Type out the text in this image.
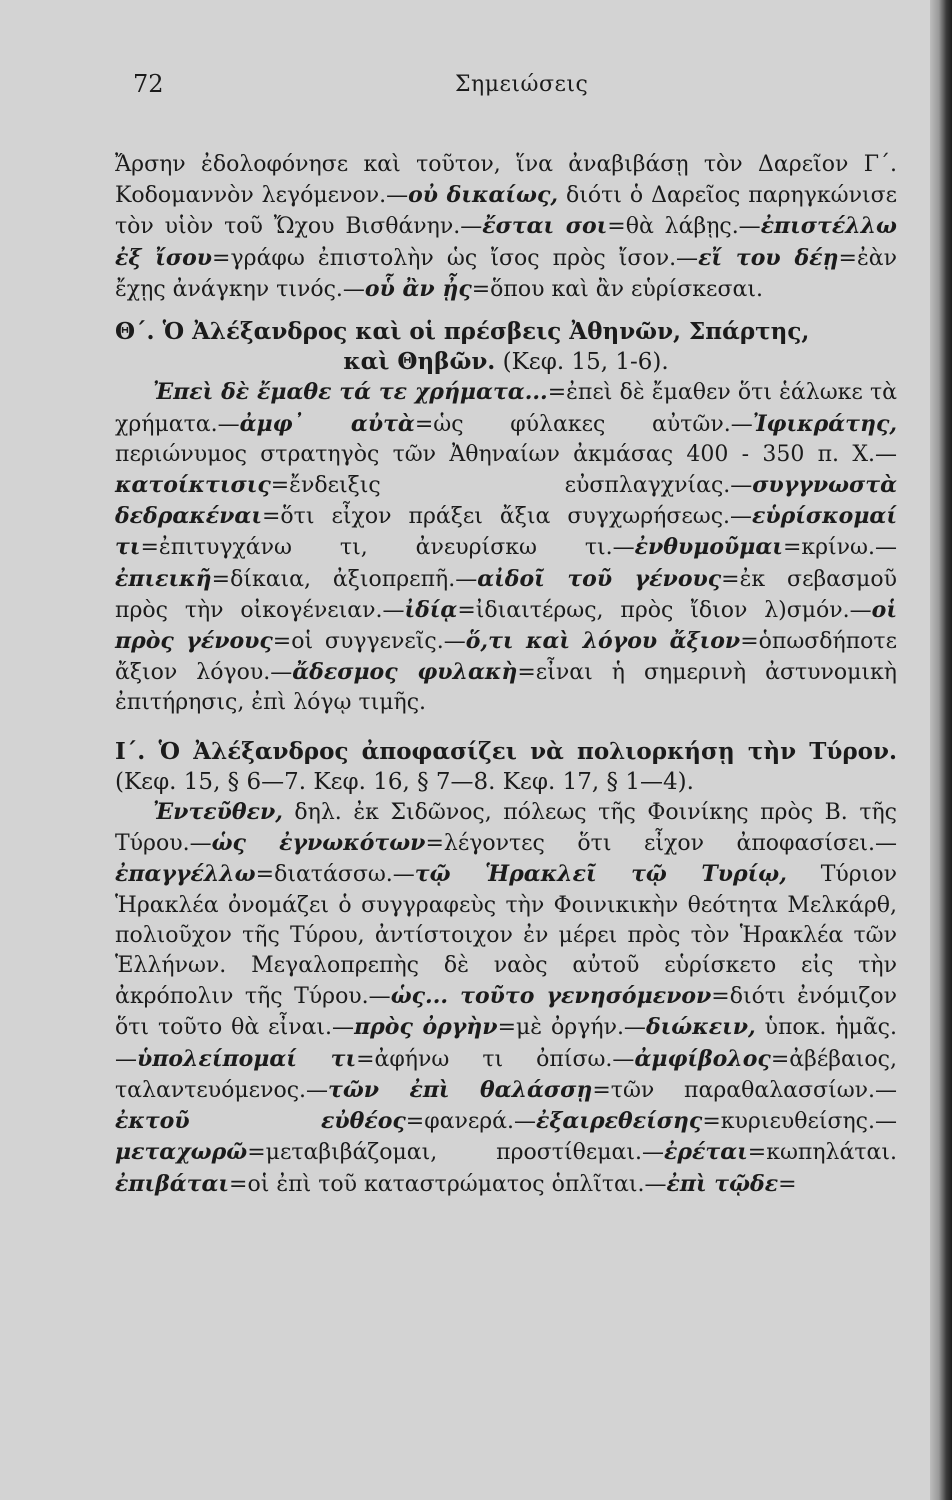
72	Σημειώσεις

Ἄρσην ἐδολοφόνησε καὶ τοῦτον, ἵνα ἀναβιβάσῃ τὸν Δαρεῖον Γ΄. Κοδομαννὸν λεγόμενον.—οὐ δικαίως, διότι ὁ Δαρεῖος παρηγκώνισε τὸν υἱὸν τοῦ Ὤχου Βισθάνην.—ἔσται σοι=θὰ λάβῃς.—ἐπιστέλλω ἐξ ἴσου=γράφω ἐπιστολὴν ὡς ἴσος πρὸς ἴσον.—εἴ του δέῃ=ἐὰν ἔχῃς ἀνάγκην τινός.—οὗ ἂν ᾖς=ὅπου καὶ ἂν εὑρίσκεσαι.

Θ΄. Ὁ Ἀλέξανδρος καὶ οἱ πρέσβεις Ἀθηνῶν, Σπάρτης,
καὶ Θηβῶν. (Κεφ. 15, 1-6).

Ἐπεὶ δὲ ἔμαθε τά τε χρήματα...=ἐπεὶ δὲ ἔμαθεν ὅτι ἑάλωκε τὰ χρήματα.—ἀμφ᾽ αὐτὰ=ὡς φύλακες αὐτῶν.—Ἰφικράτης, περιώνυμος στρατηγὸς τῶν Ἀθηναίων ἀκμάσας 400 - 350 π. Χ.—κατοίκτισις=ἔνδειξις εὐσπλαγχνίας.—συγγνωστὰ δεδρακέναι=ὅτι εἶχον πράξει ἄξια συγχωρήσεως.—εὑρίσκομαί τι=ἐπιτυγχάνω τι, ἀνευρίσκω τι.—ἐνθυμοῦμαι=κρίνω.—ἐπιεικῆ=δίκαια, ἀξιοπρεπῆ.—αἰδοῖ τοῦ γένους=ἐκ σεβασμοῦ πρὸς τὴν οἰκογένειαν.—ἰδίᾳ=ἰδιαιτέρως, πρὸς ἴδιον λ)σμόν.—οἱ πρὸς γένους=οἱ συγγενεῖς.—ὅ,τι καὶ λόγου ἄξιον=ὁπωσδήποτε ἄξιον λόγου.—ἄδεσμος φυλακὴ=εἶναι ἡ σημερινὴ ἀστυνομικὴ ἐπιτήρησις, ἐπὶ λόγῳ τιμῆς.

Ι΄. Ὁ Ἀλέξανδρος ἀποφασίζει νὰ πολιορκήσῃ τὴν Τύρον. (Κεφ. 15, § 6—7. Κεφ. 16, § 7—8. Κεφ. 17, § 1—4).

Ἐντεῦθεν, δηλ. ἐκ Σιδῶνος, πόλεως τῆς Φοινίκης πρὸς Β. τῆς Τύρου.—ὡς ἐγνωκότων=λέγοντες ὅτι εἶχον ἀποφασίσει.—ἐπαγγέλλω=διατάσσω.—τῷ Ἡρακλεῖ τῷ Τυρίῳ, Τύριον Ἡρακλέα ὀνομάζει ὁ συγγραφεὺς τὴν Φοινικικὴν θεότητα Μελκάρθ, πολιοῦχον τῆς Τύρου, ἀντίστοιχον ἐν μέρει πρὸς τὸν Ἡρακλέα τῶν Ἑλλήνων. Μεγαλοπρεπὴς δὲ ναὸς αὐτοῦ εὑρίσκετο εἰς τὴν ἀκρόπολιν τῆς Τύρου.—ὡς... τοῦτο γενησόμενον=διότι ἐνόμιζον ὅτι τοῦτο θὰ εἶναι.—πρὸς ὀργὴν=μὲ ὀργήν.—διώκειν, ὑποκ. ἡμᾶς.—ὑπολείπομαί τι=ἀφήνω τι ὀπίσω.—ἀμφίβολος=ἀβέβαιος, ταλαντευόμενος.—τῶν ἐπὶ θαλάσσῃ=τῶν παραθαλασσίων.—ἐκτοῦ εὐθέος=φανερά.—ἐξαιρεθείσης=κυριευθείσης.—μεταχωρῶ=μεταβιβάζομαι, προστίθεμαι.—ἐρέται=κωπηλάται. ἐπιβάται=οἱ ἐπὶ τοῦ καταστρώματος ὁπλῖται.—ἐπὶ τῷδε=
